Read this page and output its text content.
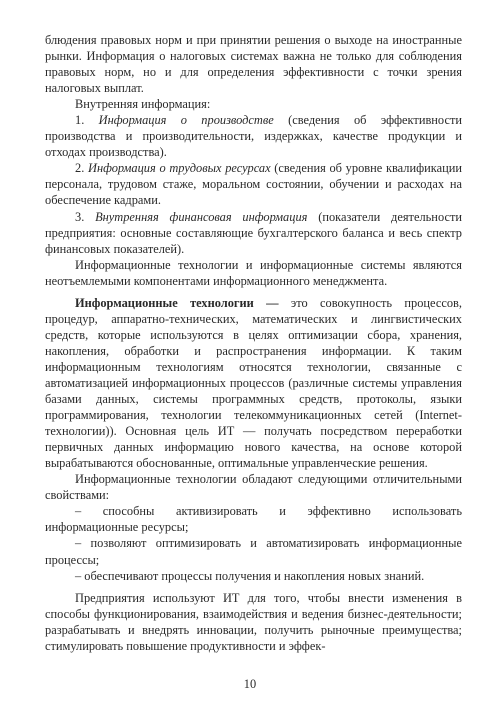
блюдения правовых норм и при принятии решения о выходе на иностранные рынки. Информация о налоговых системах важна не только для соблюдения правовых норм, но и для определения эффективности с точки зрения налоговых выплат.

Внутренняя информация:

1. Информация о производстве (сведения об эффективности производства и производительности, издержках, качестве продукции и отходах производства).

2. Информация о трудовых ресурсах (сведения об уровне квалификации персонала, трудовом стаже, моральном состоянии, обучении и расходах на обеспечение кадрами.

3. Внутренняя финансовая информация (показатели деятельности предприятия: основные составляющие бухгалтерского баланса и весь спектр финансовых показателей).

Информационные технологии и информационные системы являются неотъемлемыми компонентами информационного менеджмента.

Информационные технологии — это совокупность процессов, процедур, аппаратно-технических, математических и лингвистических средств, которые используются в целях оптимизации сбора, хранения, накопления, обработки и распространения информации. К таким информационным технологиям относятся технологии, связанные с автоматизацией информационных процессов (различные системы управления базами данных, системы программных средств, протоколы, языки программирования, технологии телекоммуникационных сетей (Internet-технологии)). Основная цель ИТ — получать посредством переработки первичных данных информацию нового качества, на основе которой вырабатываются обоснованные, оптимальные управленческие решения.

Информационные технологии обладают следующими отличительными свойствами:

– способны активизировать и эффективно использовать информационные ресурсы;

– позволяют оптимизировать и автоматизировать информационные процессы;

– обеспечивают процессы получения и накопления новых знаний.

Предприятия используют ИТ для того, чтобы внести изменения в способы функционирования, взаимодействия и ведения бизнес-деятельности; разрабатывать и внедрять инновации, получить рыночные преимущества; стимулировать повышение продуктивности и эффек-

10
